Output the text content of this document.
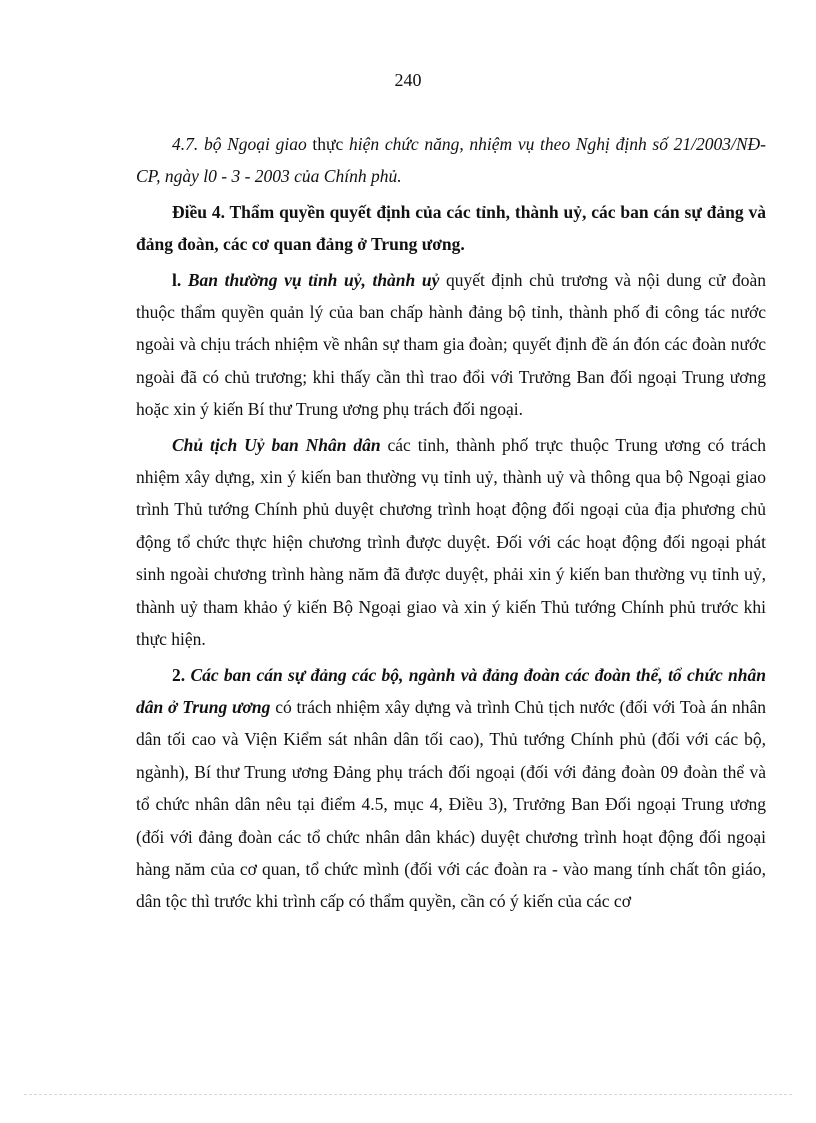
240

4.7. bộ Ngoại giao thực hiện chức năng, nhiệm vụ theo Nghị định số 21/2003/NĐ-CP, ngày l0 - 3 - 2003 của Chính phủ.

Điều 4. Thẩm quyền quyết định của các tỉnh, thành uỷ, các ban cán sự đảng và đảng đoàn, các cơ quan đảng ở Trung ương.

l. Ban thường vụ tỉnh uỷ, thành uỷ quyết định chủ trương và nội dung cử đoàn thuộc thẩm quyền quản lý của ban chấp hành đảng bộ tỉnh, thành phố đi công tác nước ngoài và chịu trách nhiệm về nhân sự tham gia đoàn; quyết định đề án đón các đoàn nước ngoài đã có chủ trương; khi thấy cần thì trao đổi với Trưởng Ban đối ngoại Trung ương hoặc xin ý kiến Bí thư Trung ương phụ trách đối ngoại.

Chủ tịch Uỷ ban Nhân dân các tỉnh, thành phố trực thuộc Trung ương có trách nhiệm xây dựng, xin ý kiến ban thường vụ tỉnh uỷ, thành uỷ và thông qua bộ Ngoại giao trình Thủ tướng Chính phủ duyệt chương trình hoạt động đối ngoại của địa phương chủ động tổ chức thực hiện chương trình được duyệt. Đối với các hoạt động đối ngoại phát sinh ngoài chương trình hàng năm đã được duyệt, phải xin ý kiến ban thường vụ tỉnh uỷ, thành uỷ tham khảo ý kiến Bộ Ngoại giao và xin ý kiến Thủ tướng Chính phủ trước khi thực hiện.

2. Các ban cán sự đảng các bộ, ngành và đảng đoàn các đoàn thể, tổ chức nhân dân ở Trung ương có trách nhiệm xây dựng và trình Chủ tịch nước (đối với Toà án nhân dân tối cao và Viện Kiểm sát nhân dân tối cao), Thủ tướng Chính phủ (đối với các bộ, ngành), Bí thư Trung ương Đảng phụ trách đối ngoại (đối với đảng đoàn 09 đoàn thể và tổ chức nhân dân nêu tại điểm 4.5, mục 4, Điều 3), Trưởng Ban Đối ngoại Trung ương (đối với đảng đoàn các tổ chức nhân dân khác) duyệt chương trình hoạt động đối ngoại hàng năm của cơ quan, tổ chức mình (đối với các đoàn ra - vào mang tính chất tôn giáo, dân tộc thì trước khi trình cấp có thẩm quyền, cần có ý kiến của các cơ
